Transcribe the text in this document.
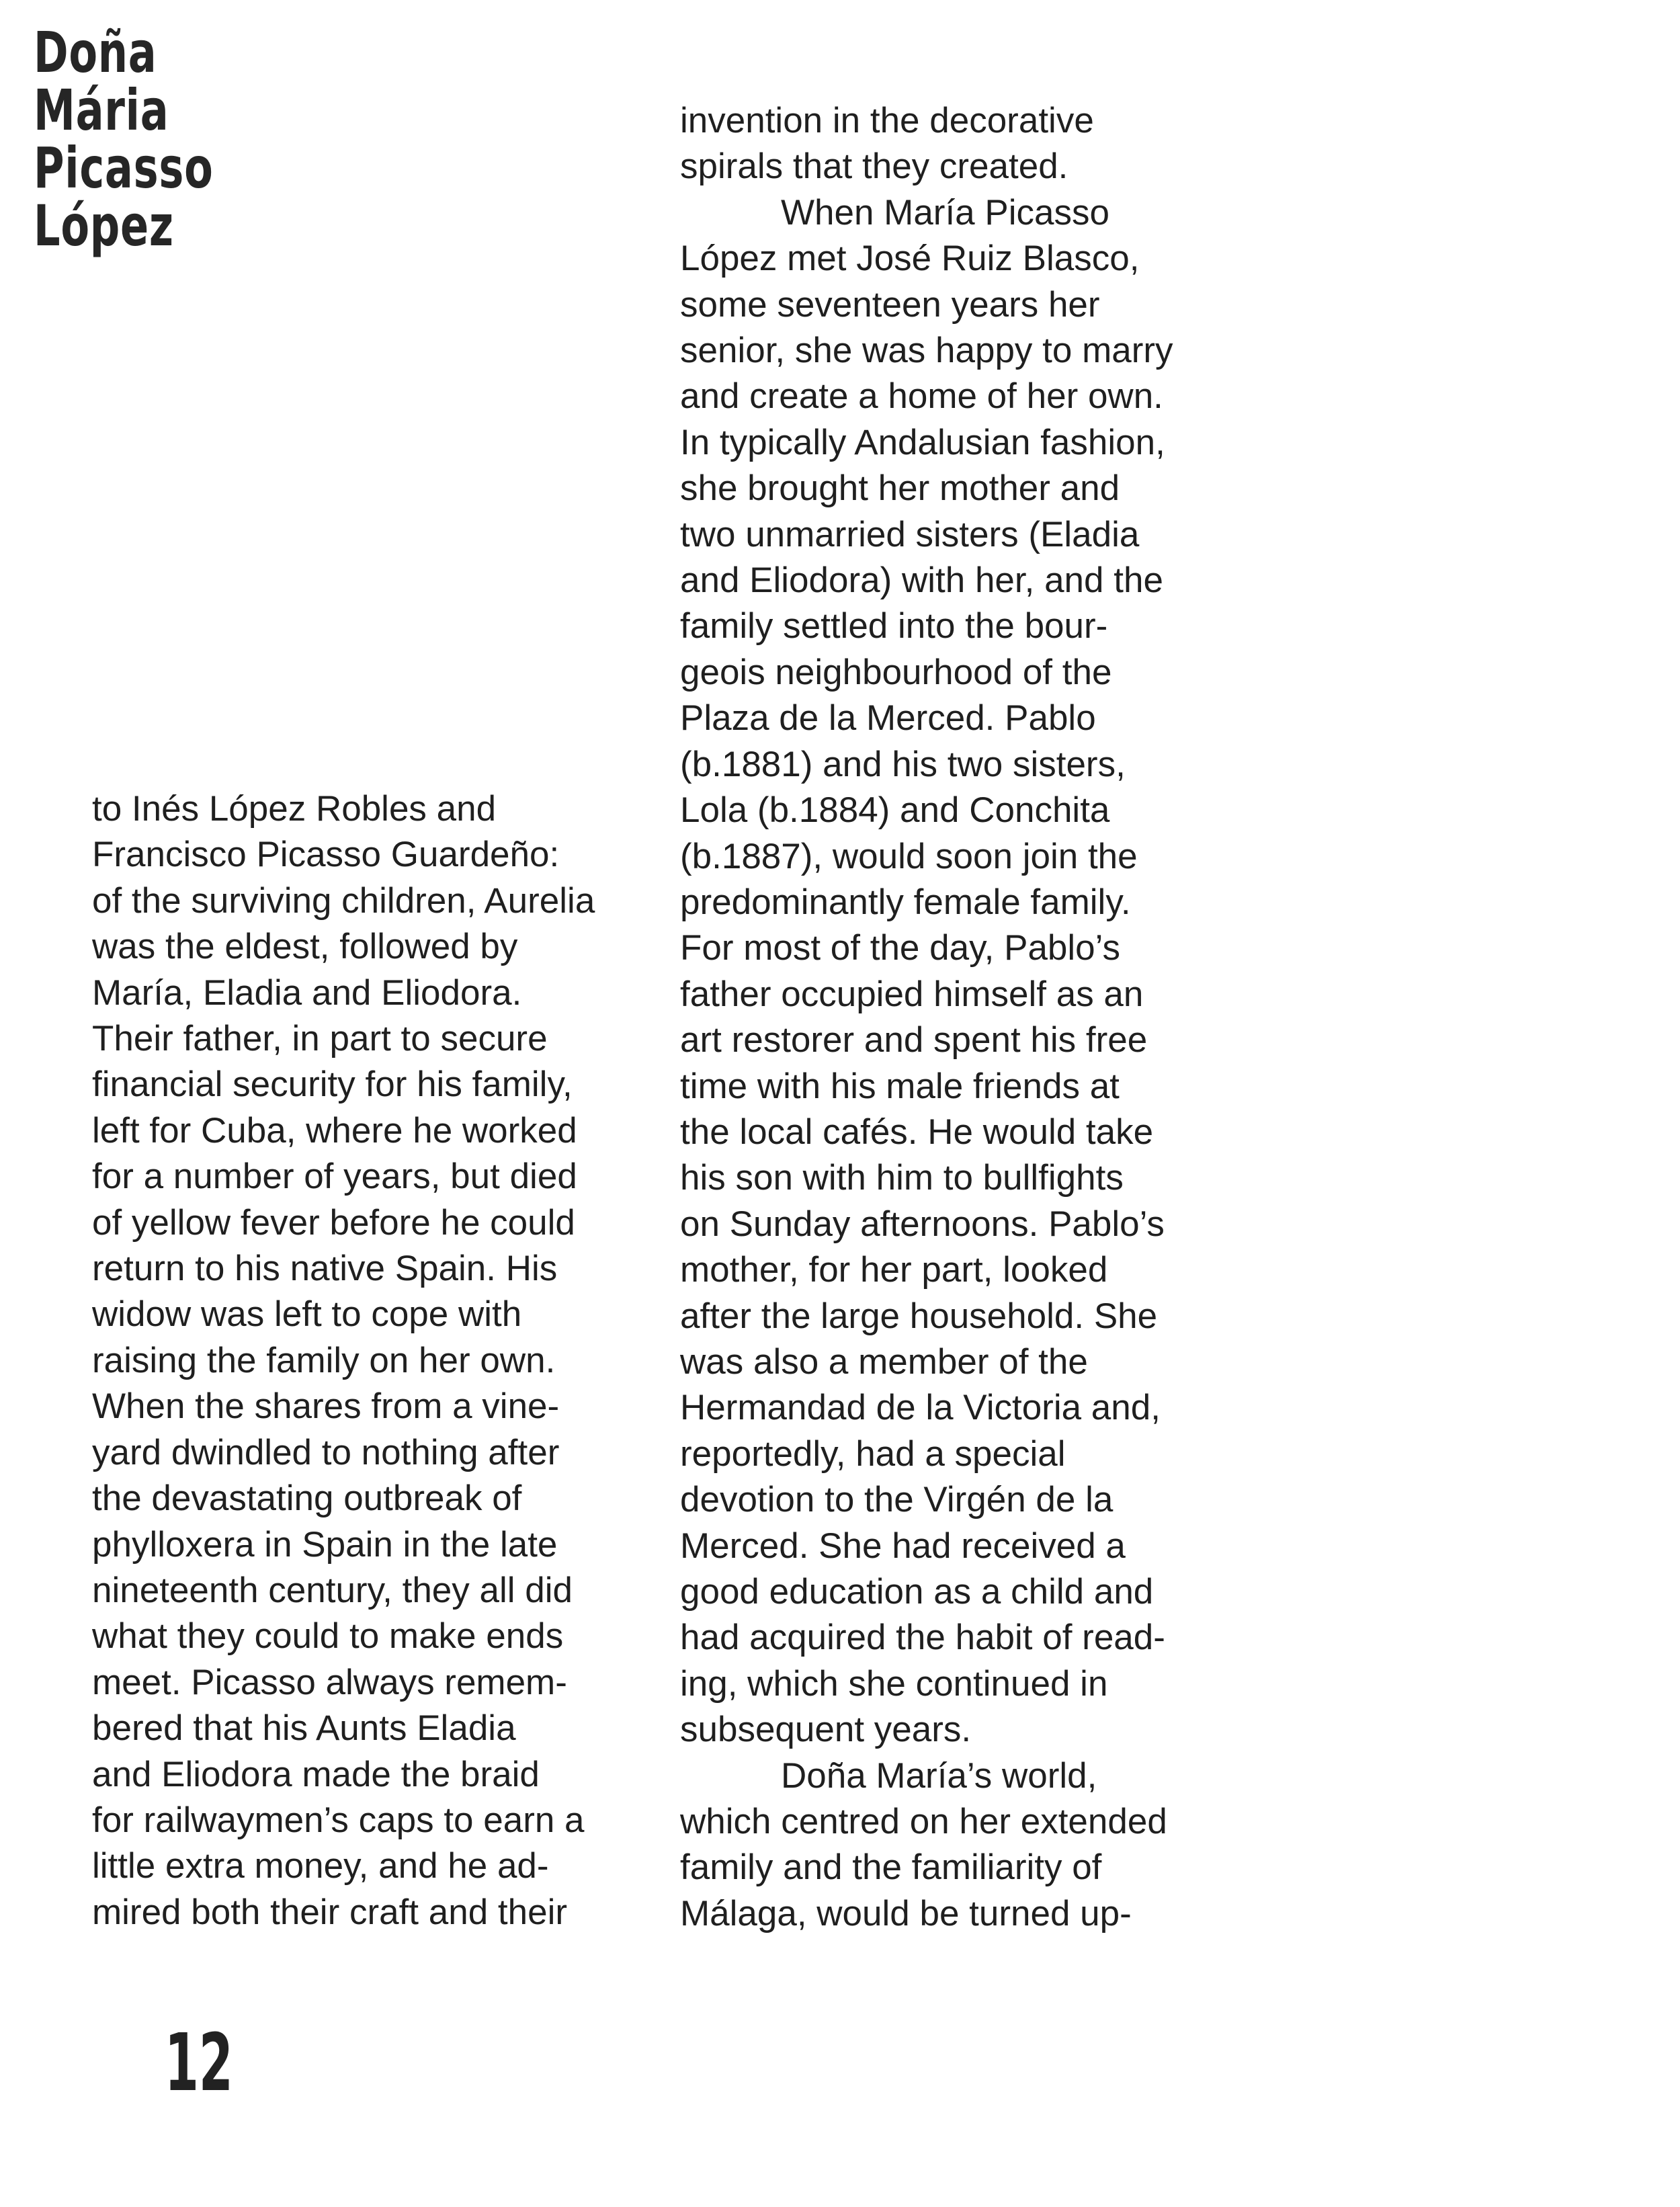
Doña
Mária
Picasso
López
to Inés López Robles and
Francisco Picasso Guardeño:
of the surviving children, Aurelia
was the eldest, followed by
María, Eladia and Eliodora.
Their father, in part to secure
financial security for his family,
left for Cuba, where he worked
for a number of years, but died
of yellow fever before he could
return to his native Spain. His
widow was left to cope with
raising the family on her own.
When the shares from a vine-
yard dwindled to nothing after
the devastating outbreak of
phylloxera in Spain in the late
nineteenth century, they all did
what they could to make ends
meet. Picasso always remem-
bered that his Aunts Eladia
and Eliodora made the braid
for railwaymen’s caps to earn a
little extra money, and he ad-
mired both their craft and their
invention in the decorative
spirals that they created.
When María Picasso
López met José Ruiz Blasco,
some seventeen years her
senior, she was happy to marry
and create a home of her own.
In typically Andalusian fashion,
she brought her mother and
two unmarried sisters (Eladia
and Eliodora) with her, and the
family settled into the bour-
geois neighbourhood of the
Plaza de la Merced. Pablo
(b.1881) and his two sisters,
Lola (b.1884) and Conchita
(b.1887), would soon join the
predominantly female family.
For most of the day, Pablo’s
father occupied himself as an
art restorer and spent his free
time with his male friends at
the local cafés. He would take
his son with him to bullfights
on Sunday afternoons. Pablo’s
mother, for her part, looked
after the large household. She
was also a member of the
Hermandad de la Victoria and,
reportedly, had a special
devotion to the Virgén de la
Merced. She had received a
good education as a child and
had acquired the habit of read-
ing, which she continued in
subsequent years.
Doña María’s world,
which centred on her extended
family and the familiarity of
Málaga, would be turned up-
12
